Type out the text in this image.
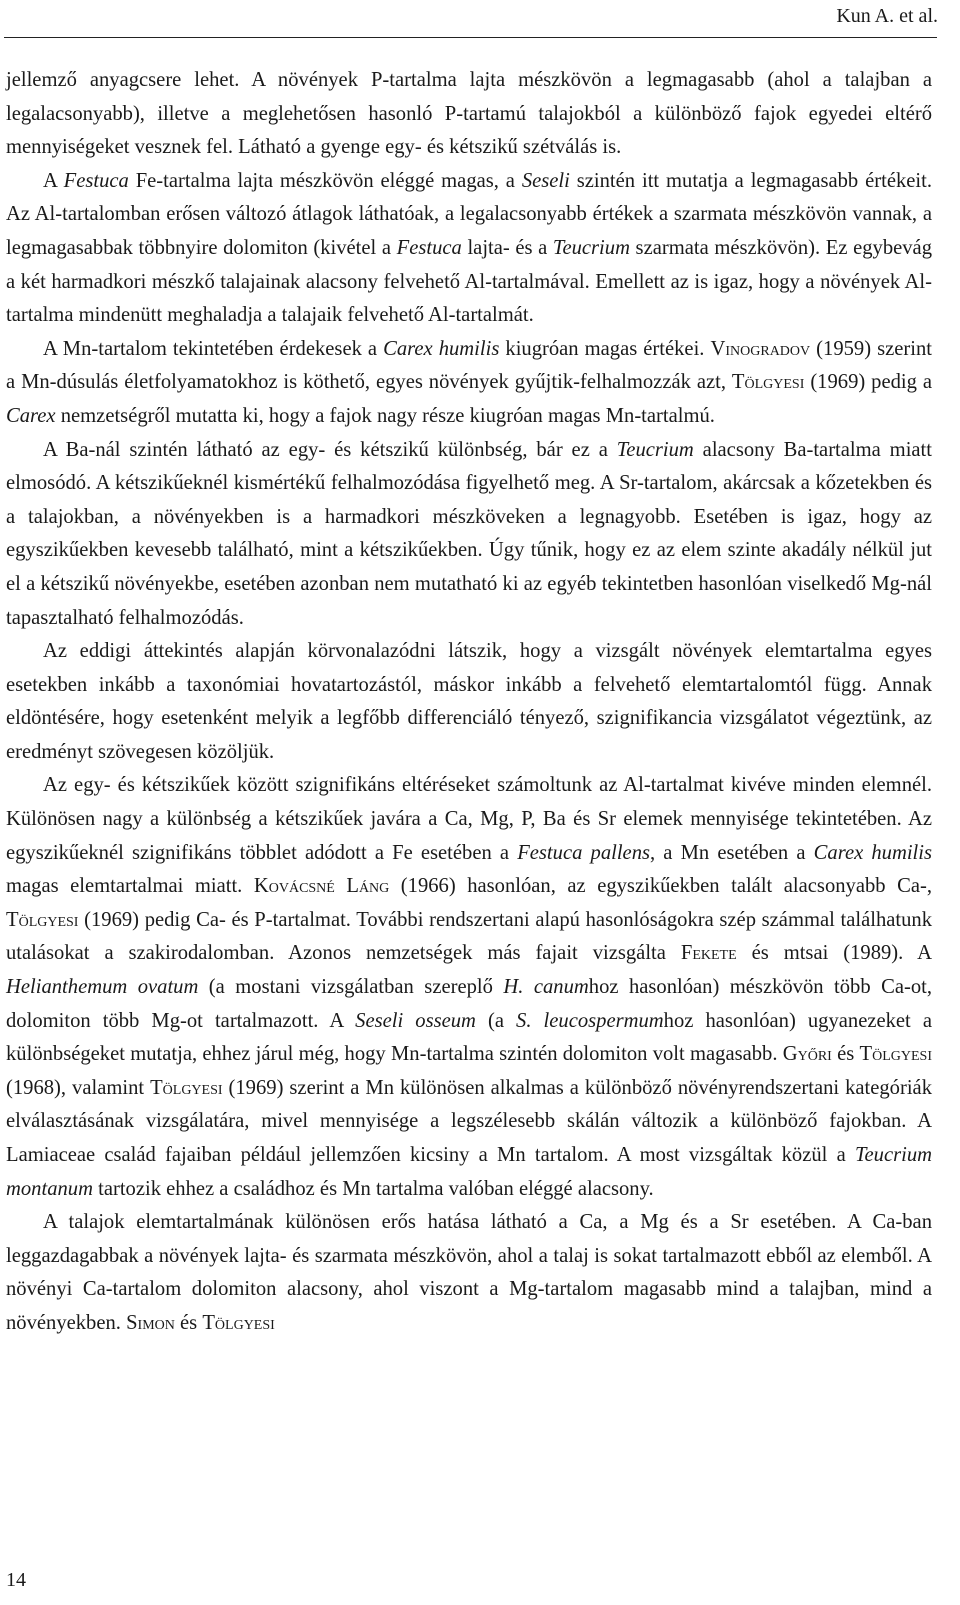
Kun A. et al.

jellemző anyagcsere lehet. A növények P-tartalma lajta mészkövön a legmagasabb (ahol a talajban a legalacsonyabb), illetve a meglehetősen hasonló P-tartamú talajokból a különböző fajok egyedei eltérő mennyiségeket vesznek fel. Látható a gyenge egy- és kétszikű szétválás is.

A Festuca Fe-tartalma lajta mészkövön eléggé magas, a Seseli szintén itt mutatja a legmagasabb értékeit. Az Al-tartalomban erősen változó átlagok láthatóak, a legalacsonyabb értékek a szarmata mészkövön vannak, a legmagasabbak többnyire dolomiton (kivétel a Festuca lajta- és a Teucrium szarmata mészkövön). Ez egybevág a két harmadkori mészkő talajainak alacsony felvehető Al-tartalmával. Emellett az is igaz, hogy a növények Al-tartalma mindenütt meghaladja a talajaik felvehető Al-tartalmát.

A Mn-tartalom tekintetében érdekesek a Carex humilis kiugróan magas értékei. Vinogradov (1959) szerint a Mn-dúsulás életfolyamatokhoz is köthető, egyes növények gyűjtik-felhalmozzák azt, Tölgyesi (1969) pedig a Carex nemzetségről mutatta ki, hogy a fajok nagy része kiugróan magas Mn-tartalmú.

A Ba-nál szintén látható az egy- és kétszikű különbség, bár ez a Teucrium alacsony Ba-tartalma miatt elmosódó. A kétszikűeknél kismértékű felhalmozódása figyelhető meg. A Sr-tartalom, akárcsak a kőzetekben és a talajokban, a növényekben is a harmadkori mészköveken a legnagyobb. Esetében is igaz, hogy az egyszikűekben kevesebb található, mint a kétszikűekben. Úgy tűnik, hogy ez az elem szinte akadály nélkül jut el a kétszikű növényekbe, esetében azonban nem mutatható ki az egyéb tekintetben hasonlóan viselkedő Mg-nál tapasztalható felhalmozódás.

Az eddigi áttekintés alapján körvonalazódni látszik, hogy a vizsgált növények elemtartalma egyes esetekben inkább a taxonómiai hovatartozástól, máskor inkább a felvehető elemtartalomtól függ. Annak eldöntésére, hogy esetenként melyik a legfőbb differenciáló tényező, szignifikancia vizsgálatot végeztünk, az eredményt szövegesen közöljük.

Az egy- és kétszikűek között szignifikáns eltéréseket számoltunk az Al-tartalmat kivéve minden elemnél. Különösen nagy a különbség a kétszikűek javára a Ca, Mg, P, Ba és Sr elemek mennyisége tekintetében. Az egyszikűeknél szignifikáns többlet adódott a Fe esetében a Festuca pallens, a Mn esetében a Carex humilis magas elemtartalmai miatt. Kovácsné Láng (1966) hasonlóan, az egyszikűekben talált alacsonyabb Ca-, Tölgyesi (1969) pedig Ca- és P-tartalmat. További rendszertani alapú hasonlóságokra szép számmal találhatunk utalásokat a szakirodalomban. Azonos nemzetségek más fajait vizsgálta Fekete és mtsai (1989). A Helianthemum ovatum (a mostani vizsgálatban szereplő H. canumhoz hasonlóan) mészkövön több Ca-ot, dolomiton több Mg-ot tartalmazott. A Seseli osseum (a S. leucospermumhoz hasonlóan) ugyanezeket a különbségeket mutatja, ehhez járul még, hogy Mn-tartalma szintén dolomiton volt magasabb. Győri és Tölgyesi (1968), valamint Tölgyesi (1969) szerint a Mn különösen alkalmas a különböző növényrendszertani kategóriák elválasztásának vizsgálatára, mivel mennyisége a legszélesebb skálán változik a különböző fajokban. A Lamiaceae család fajaiban például jellemzően kicsiny a Mn tartalom. A most vizsgáltak közül a Teucrium montanum tartozik ehhez a családhoz és Mn tartalma valóban eléggé alacsony.

A talajok elemtartalmának különösen erős hatása látható a Ca, a Mg és a Sr esetében. A Ca-ban leggazdagabbak a növények lajta- és szarmata mészkövön, ahol a talaj is sokat tartalmazott ebből az elemből. A növényi Ca-tartalom dolomiton alacsony, ahol viszont a Mg-tartalom magasabb mind a talajban, mind a növényekben. Simon és Tölgyesi

14
